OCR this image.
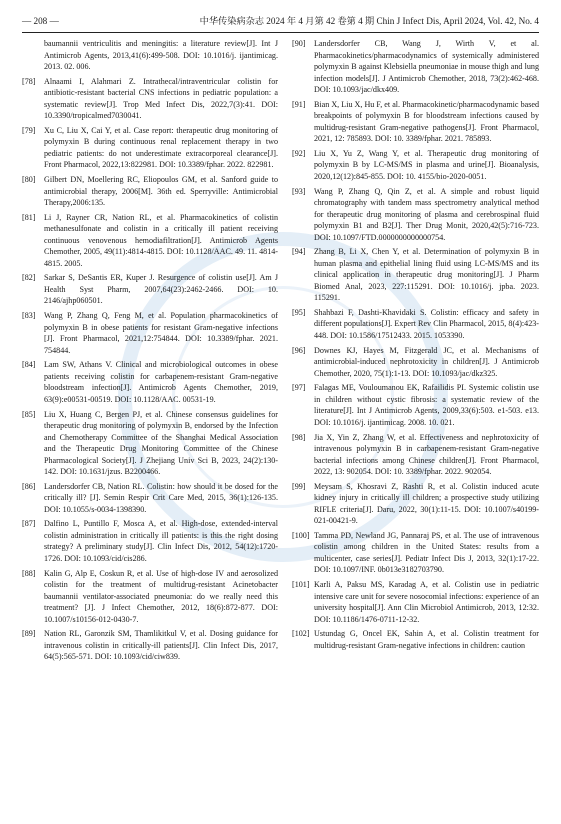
— 208 —	中华传染病杂志 2024 年 4 月第 42 卷第 4 期 Chin J Infect Dis, April 2024, Vol. 42, No. 4
baumannii ventriculitis and meningitis: a literature review[J]. Int J Antimicrob Agents, 2013,41(6):499-508. DOI: 10.1016/j. ijantimicag. 2013. 02. 006.
[78] Alnaami I, Alahmari Z. Intrathecal/intraventricular colistin for antibiotic-resistant bacterial CNS infections in pediatric population: a systematic review[J]. Trop Med Infect Dis, 2022,7(3):41. DOI: 10.3390/tropicalmed7030041.
[79] Xu C, Liu X, Cai Y, et al. Case report: therapeutic drug monitoring of polymyxin B during continuous renal replacement therapy in two pediatric patients: do not underestimate extracorporeal clearance[J]. Front Pharmacol, 2022,13:822981. DOI: 10.3389/fphar. 2022. 822981.
[80] Gilbert DN, Moellering RC, Eliopoulos GM, et al. Sanford guide to antimicrobial therapy, 2006[M]. 36th ed. Sperryville: Antimicrobial Therapy,2006:135.
[81] Li J, Rayner CR, Nation RL, et al. Pharmacokinetics of colistin methanesulfonate and colistin in a critically ill patient receiving continuous venovenous hemodiafiltration[J]. Antimicrob Agents Chemother, 2005, 49(11):4814-4815. DOI: 10.1128/AAC. 49. 11. 4814-4815. 2005.
[82] Sarkar S, DeSantis ER, Kuper J. Resurgence of colistin use[J]. Am J Health Syst Pharm, 2007,64(23):2462-2466. DOI: 10. 2146/ajhp060501.
[83] Wang P, Zhang Q, Feng M, et al. Population pharmacokinetics of polymyxin B in obese patients for resistant Gram-negative infections [J]. Front Pharmacol, 2021,12:754844. DOI: 10.3389/fphar. 2021. 754844.
[84] Lam SW, Athans V. Clinical and microbiological outcomes in obese patients receiving colistin for carbapenem-resistant Gram-negative bloodstream infection[J]. Antimicrob Agents Chemother, 2019, 63(9):e00531-00519. DOI: 10.1128/AAC. 00531-19.
[85] Liu X, Huang C, Bergen PJ, et al. Chinese consensus guidelines for therapeutic drug monitoring of polymyxin B, endorsed by the Infection and Chemotherapy Committee of the Shanghai Medical Association and the Therapeutic Drug Monitoring Committee of the Chinese Pharmacological Society[J]. J Zhejiang Univ Sci B, 2023, 24(2):130-142. DOI: 10.1631/jzus. B2200466.
[86] Landersdorfer CB, Nation RL. Colistin: how should it be dosed for the critically ill? [J]. Semin Respir Crit Care Med, 2015, 36(1):126-135. DOI: 10.1055/s-0034-1398390.
[87] Dalfino L, Puntillo F, Mosca A, et al. High-dose, extended-interval colistin administration in critically ill patients: is this the right dosing strategy? A preliminary study[J]. Clin Infect Dis, 2012, 54(12):1720-1726. DOI: 10.1093/cid/cis286.
[88] Kalin G, Alp E, Coskun R, et al. Use of high-dose IV and aerosolized colistin for the treatment of multidrug-resistant Acinetobacter baumannii ventilator-associated pneumonia: do we really need this treatment? [J]. J Infect Chemother, 2012, 18(6):872-877. DOI: 10.1007/s10156-012-0430-7.
[89] Nation RL, Garonzik SM, Thamlikitkul V, et al. Dosing guidance for intravenous colistin in critically-ill patients[J]. Clin Infect Dis, 2017, 64(5):565-571. DOI: 10.1093/cid/ciw839.
[90] Landersdorfer CB, Wang J, Wirth V, et al. Pharmacokinetics/pharmacodynamics of systemically administered polymyxin B against Klebsiella pneumoniae in mouse thigh and lung infection models[J]. J Antimicrob Chemother, 2018, 73(2):462-468. DOI: 10.1093/jac/dkx409.
[91] Bian X, Liu X, Hu F, et al. Pharmacokinetic/pharmacodynamic based breakpoints of polymyxin B for bloodstream infections caused by multidrug-resistant Gram-negative pathogens[J]. Front Pharmacol, 2021, 12: 785893. DOI: 10. 3389/fphar. 2021. 785893.
[92] Liu X, Yu Z, Wang Y, et al. Therapeutic drug monitoring of polymyxin B by LC-MS/MS in plasma and urine[J]. Bioanalysis, 2020,12(12):845-855. DOI: 10. 4155/bio-2020-0051.
[93] Wang P, Zhang Q, Qin Z, et al. A simple and robust liquid chromatography with tandem mass spectrometry analytical method for therapeutic drug monitoring of plasma and cerebrospinal fluid polymyxin B1 and B2[J]. Ther Drug Monit, 2020,42(5):716-723. DOI: 10.1097/FTD.0000000000000754.
[94] Zhang B, Li X, Chen Y, et al. Determination of polymyxin B in human plasma and epithelial lining fluid using LC-MS/MS and its clinical application in therapeutic drug monitoring[J]. J Pharm Biomed Anal, 2023, 227:115291. DOI: 10.1016/j. jpba. 2023. 115291.
[95] Shahbazi F, Dashti-Khavidaki S. Colistin: efficacy and safety in different populations[J]. Expert Rev Clin Pharmacol, 2015, 8(4):423-448. DOI: 10.1586/17512433. 2015. 1053390.
[96] Downes KJ, Hayes M, Fitzgerald JC, et al. Mechanisms of antimicrobial-induced nephrotoxicity in children[J]. J Antimicrob Chemother, 2020, 75(1):1-13. DOI: 10.1093/jac/dkz325.
[97] Falagas ME, Vouloumanou EK, Rafailidis PI. Systemic colistin use in children without cystic fibrosis: a systematic review of the literature[J]. Int J Antimicrob Agents, 2009,33(6):503. e1-503. e13. DOI: 10.1016/j. ijantimicag. 2008. 10. 021.
[98] Jia X, Yin Z, Zhang W, et al. Effectiveness and nephrotoxicity of intravenous polymyxin B in carbapenem-resistant Gram-negative bacterial infections among Chinese children[J]. Front Pharmacol, 2022, 13: 902054. DOI: 10. 3389/fphar. 2022. 902054.
[99] Meysam S, Khosravi Z, Rashti R, et al. Colistin induced acute kidney injury in critically ill children; a prospective study utilizing RIFLE criteria[J]. Daru, 2022, 30(1):11-15. DOI: 10.1007/s40199-021-00421-9.
[100] Tamma PD, Newland JG, Pannaraj PS, et al. The use of intravenous colistin among children in the United States: results from a multicenter, case series[J]. Pediatr Infect Dis J, 2013, 32(1):17-22. DOI: 10.1097/INF. 0b013e3182703790.
[101] Karli A, Paksu MS, Karadag A, et al. Colistin use in pediatric intensive care unit for severe nosocomial infections: experience of an university hospital[J]. Ann Clin Microbiol Antimicrob, 2013, 12:32. DOI: 10.1186/1476-0711-12-32.
[102] Ustundag G, Oncel EK, Sahin A, et al. Colistin treatment for multidrug-resistant Gram-negative infections in children: caution
